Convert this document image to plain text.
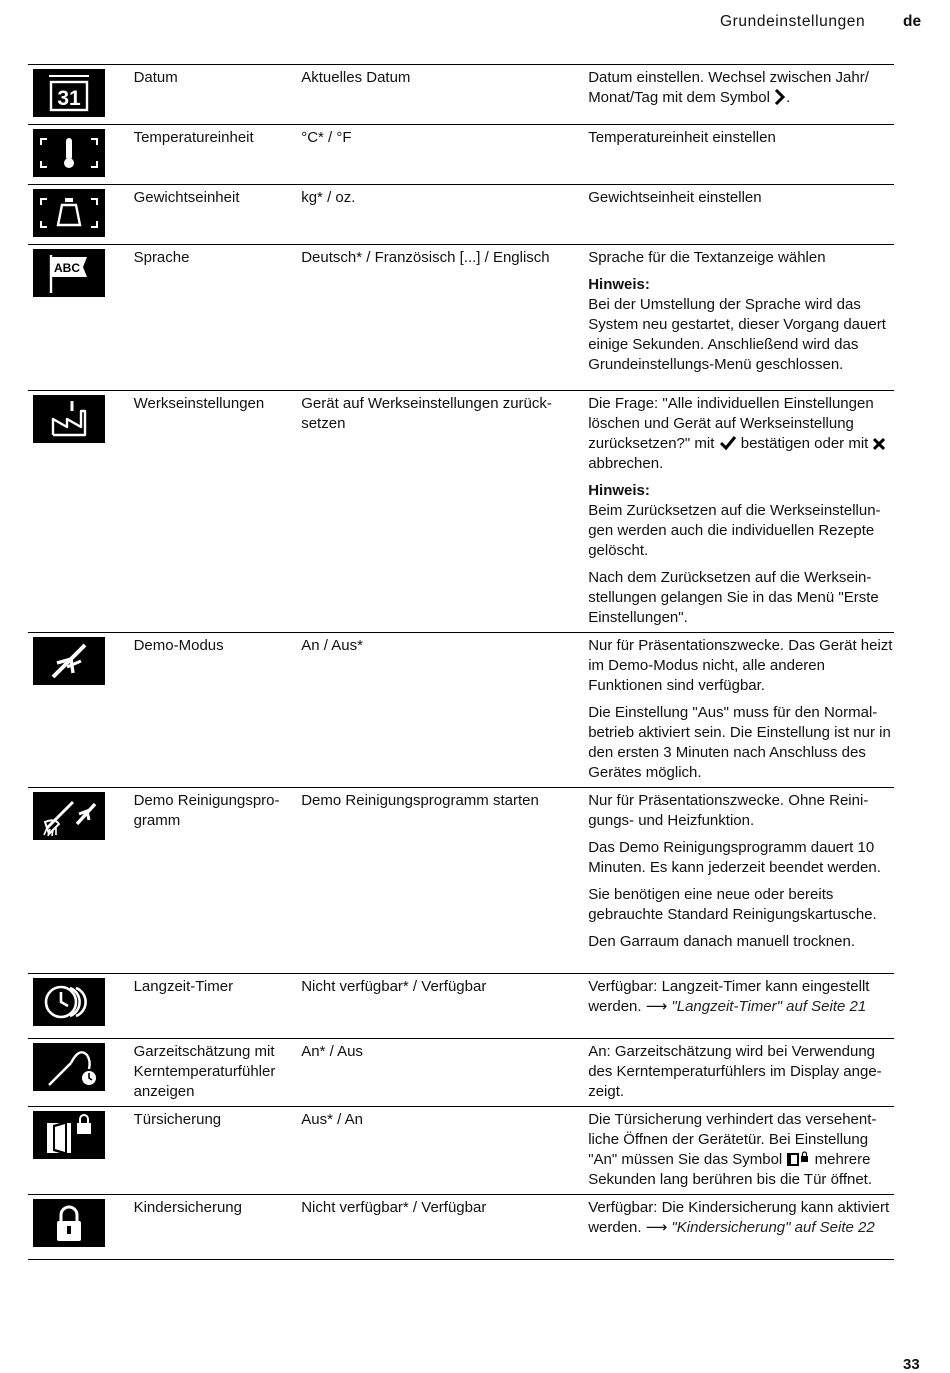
Grundeinstellungen de
31	Datum	Aktuelles Datum	Datum einstellen. Wechsel zwischen Jahr/ Monat/Tag mit dem Symbol .

	Temperatureinheit	°C* / °F	Temperatureinheit einstellen

	Gewichtseinheit	kg* / oz.	Gewichtseinheit einstellen

ABC	Sprache	Deutsch* / Französisch [...] / Englisch	Sprache für die Textanzeige wählen

Hinweis:

Bei der Umstellung der Sprache wird das System neu gestartet, dieser Vorgang dauert einige Sekunden. Anschließend wird das Grundeinstellungs-Menü geschlossen.

	Werkseinstellungen	Gerät auf Werkseinstellungen zurücksetzen	Die Frage: "Alle individuellen Einstellungen löschen und Gerät auf Werkseinstellung zurücksetzen?" mit bestätigen oder mit  abbrechen.

Hinweis:

Beim Zurücksetzen auf die Werkseinstellungen werden auch die individuellen Rezepte gelöscht.

Nach dem Zurücksetzen auf die Werkseinstellungen gelangen Sie in das Menü "Erste Einstellungen".

	Demo-Modus	An / Aus*	Nur für Präsentationszwecke. Das Gerät heizt im Demo-Modus nicht, alle anderen Funktionen sind verfügbar.

Die Einstellung "Aus" muss für den Normalbetrieb aktiviert sein. Die Einstellung ist nur in den ersten 3 Minuten nach Anschluss des Gerätes möglich.

	Demo Reinigungsprogramm	Demo Reinigungsprogramm starten	Nur für Präsentationszwecke. Ohne Reinigungs- und Heizfunktion.

Das Demo Reinigungsprogramm dauert 10 Minuten. Es kann jederzeit beendet werden.

Sie benötigen eine neue oder bereits gebrauchte Standard Reinigungskartusche.

Den Garraum danach manuell trocknen.

	Langzeit-Timer	Nicht verfügbar* / Verfügbar	Verfügbar: Langzeit-Timer kann eingestellt werden. ⟶ "Langzeit-Timer" auf Seite 21

	Garzeitschätzung mit Kerntemperaturfühler anzeigen	An* / Aus	An: Garzeitschätzung wird bei Verwendung des Kerntemperaturfühlers im Display angezeigt.

	Türsicherung	Aus* / An	Die Türsicherung verhindert das versehentliche Öffnen der Gerätetür. Bei Einstellung "An" müssen Sie das Symbol mehrere Sekunden lang berühren bis die Tür öffnet.

	Kindersicherung	Nicht verfügbar* / Verfügbar	Verfügbar: Die Kindersicherung kann aktiviert werden. ⟶ "Kindersicherung" auf Seite 22
33
